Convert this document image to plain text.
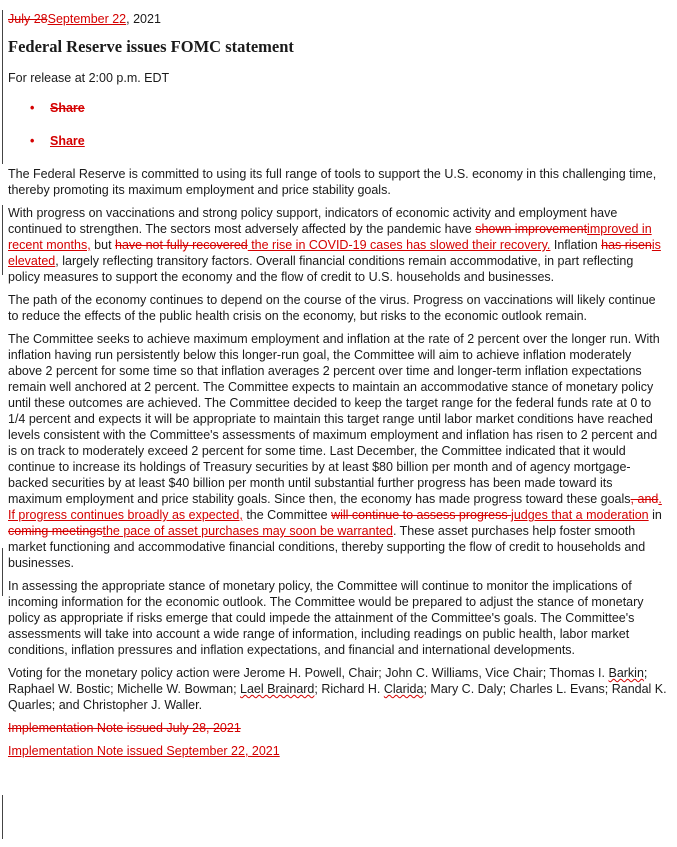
July 28September 22, 2021

Federal Reserve issues FOMC statement

For release at 2:00 p.m. EDT

• Share
• Share

The Federal Reserve is committed to using its full range of tools to support the U.S. economy in this challenging time, thereby promoting its maximum employment and price stability goals.

With progress on vaccinations and strong policy support, indicators of economic activity and employment have continued to strengthen. The sectors most adversely affected by the pandemic have shown improvementimproved in recent months, but have not fully recovered the rise in COVID-19 cases has slowed their recovery. Inflation has risenis elevated, largely reflecting transitory factors. Overall financial conditions remain accommodative, in part reflecting policy measures to support the economy and the flow of credit to U.S. households and businesses.

The path of the economy continues to depend on the course of the virus. Progress on vaccinations will likely continue to reduce the effects of the public health crisis on the economy, but risks to the economic outlook remain.

The Committee seeks to achieve maximum employment and inflation at the rate of 2 percent over the longer run. With inflation having run persistently below this longer-run goal, the Committee will aim to achieve inflation moderately above 2 percent for some time so that inflation averages 2 percent over time and longer-term inflation expectations remain well anchored at 2 percent. The Committee expects to maintain an accommodative stance of monetary policy until these outcomes are achieved. The Committee decided to keep the target range for the federal funds rate at 0 to 1/4 percent and expects it will be appropriate to maintain this target range until labor market conditions have reached levels consistent with the Committee's assessments of maximum employment and inflation has risen to 2 percent and is on track to moderately exceed 2 percent for some time. Last December, the Committee indicated that it would continue to increase its holdings of Treasury securities by at least $80 billion per month and of agency mortgage-backed securities by at least $40 billion per month until substantial further progress has been made toward its maximum employment and price stability goals. Since then, the economy has made progress toward these goals, and. If progress continues broadly as expected, the Committee will continue to assess progress judges that a moderation in coming meetingsthe pace of asset purchases may soon be warranted. These asset purchases help foster smooth market functioning and accommodative financial conditions, thereby supporting the flow of credit to households and businesses.

In assessing the appropriate stance of monetary policy, the Committee will continue to monitor the implications of incoming information for the economic outlook. The Committee would be prepared to adjust the stance of monetary policy as appropriate if risks emerge that could impede the attainment of the Committee's goals. The Committee's assessments will take into account a wide range of information, including readings on public health, labor market conditions, inflation pressures and inflation expectations, and financial and international developments.

Voting for the monetary policy action were Jerome H. Powell, Chair; John C. Williams, Vice Chair; Thomas I. Barkin; Raphael W. Bostic; Michelle W. Bowman; Lael Brainard; Richard H. Clarida; Mary C. Daly; Charles L. Evans; Randal K. Quarles; and Christopher J. Waller.

Implementation Note issued July 28, 2021

Implementation Note issued September 22, 2021
